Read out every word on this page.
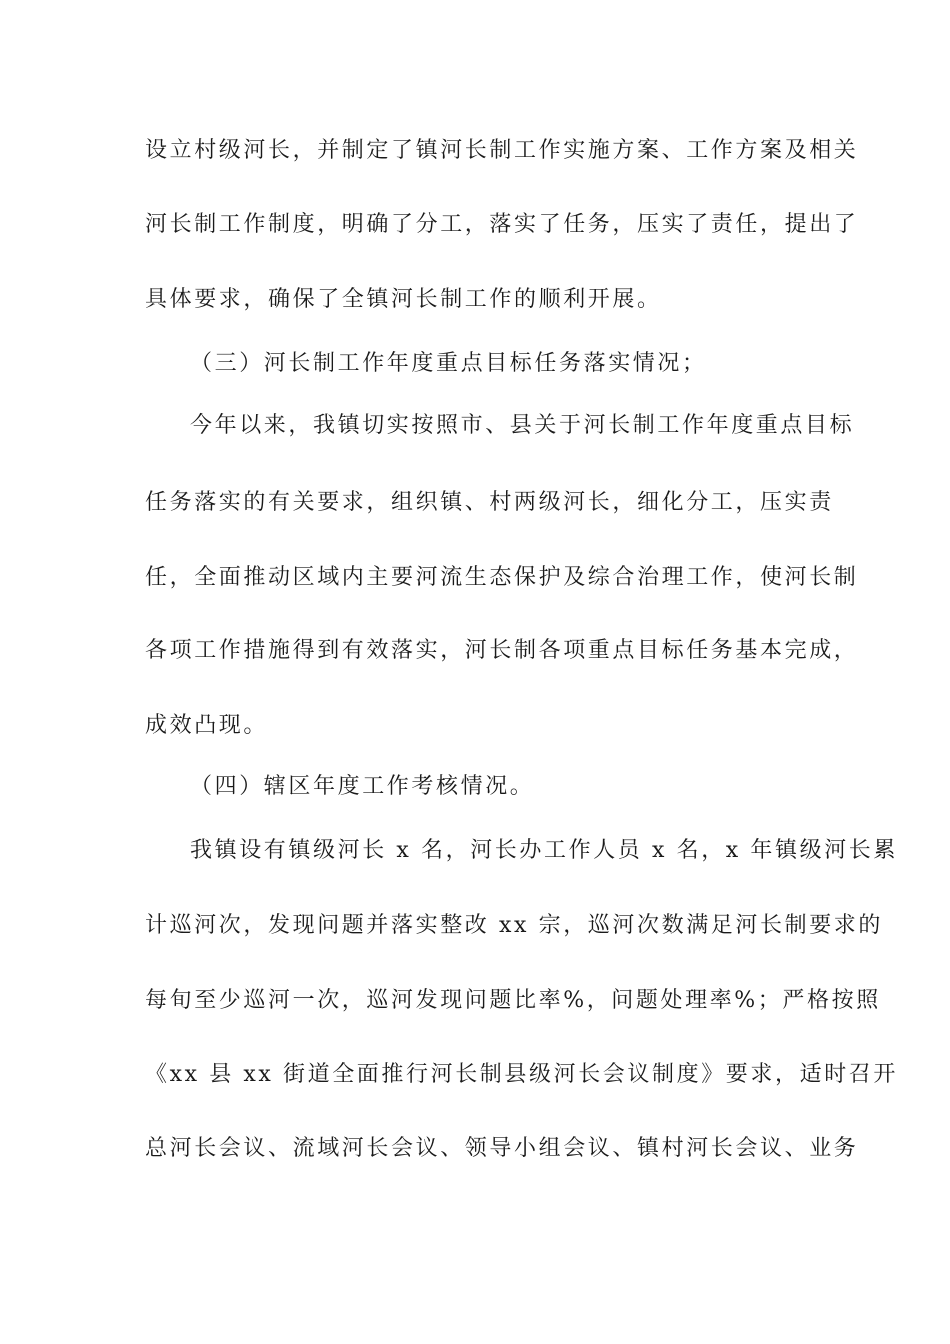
设立村级河长，并制定了镇河长制工作实施方案、工作方案及相关
河长制工作制度，明确了分工，落实了任务，压实了责任，提出了
具体要求，确保了全镇河长制工作的顺利开展。
（三）河长制工作年度重点目标任务落实情况；
今年以来，我镇切实按照市、县关于河长制工作年度重点目标
任务落实的有关要求，组织镇、村两级河长，细化分工，压实责
任，全面推动区域内主要河流生态保护及综合治理工作，使河长制
各项工作措施得到有效落实，河长制各项重点目标任务基本完成，
成效凸现。
（四）辖区年度工作考核情况。
我镇设有镇级河长 x 名，河长办工作人员 x 名，x 年镇级河长累
计巡河次，发现问题并落实整改 xx 宗，巡河次数满足河长制要求的
每旬至少巡河一次，巡河发现问题比率%，问题处理率%；严格按照
《xx 县 xx 街道全面推行河长制县级河长会议制度》要求，适时召开
总河长会议、流域河长会议、领导小组会议、镇村河长会议、业务
